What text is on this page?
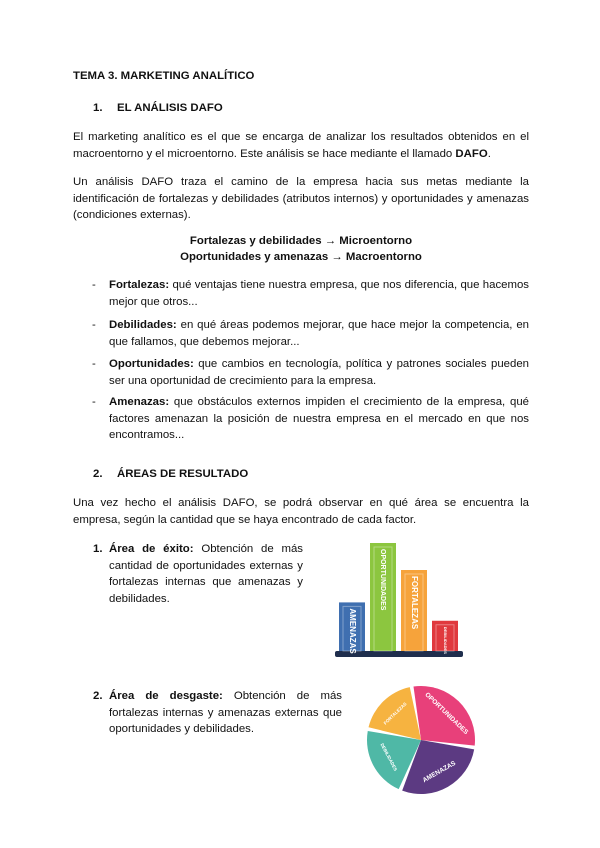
TEMA 3. MARKETING ANALÍTICO

1. EL ANÁLISIS DAFO

El marketing analítico es el que se encarga de analizar los resultados obtenidos en el macroentorno y el microentorno. Este análisis se hace mediante el llamado DAFO.

Un análisis DAFO traza el camino de la empresa hacia sus metas mediante la identificación de fortalezas y debilidades (atributos internos) y oportunidades y amenazas (condiciones externas).

Fortalezas y debilidades → Microentorno

Oportunidades y amenazas → Macroentorno

- Fortalezas: qué ventajas tiene nuestra empresa, que nos diferencia, que hacemos mejor que otros...

- Debilidades: en qué áreas podemos mejorar, que hace mejor la competencia, en que fallamos, que debemos mejorar...

- Oportunidades: que cambios en tecnología, política y patrones sociales pueden ser una oportunidad de crecimiento para la empresa.

- Amenazas: que obstáculos externos impiden el crecimiento de la empresa, qué factores amenazan la posición de nuestra empresa en el mercado en que nos encontramos...

2. ÁREAS DE RESULTADO

Una vez hecho el análisis DAFO, se podrá observar en qué área se encuentra la empresa, según la cantidad que se haya encontrado de cada factor.

1. Área de éxito: Obtención de más cantidad de oportunidades externas y fortalezas internas que amenazas y debilidades.

2. Área de desgaste: Obtención de más fortalezas internas y amenazas externas que oportunidades y debilidades.

AMENAZAS
OPORTUNIDADES	FORTALEZAS
DEBILIDADES
OPORTUNIDADES
AMENAZAS
DEBILIDADES
FORTALEZAS
